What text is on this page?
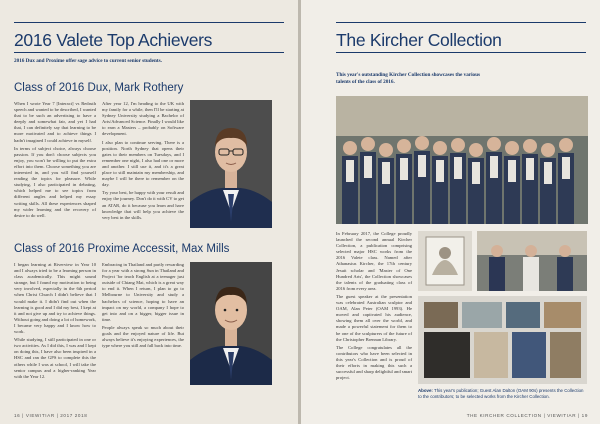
2016 Valete Top Achievers
2016 Dux and Proxime offer sage advice to current senior students.
Class of 2016 Dux, Mark Rothery

When I wrote Year 7 [Interact] vs Redruth speech and wanted to be described, I wanted that to be such an advertising to have a deeply and somewhat fair, and yet I had that, I can definitely say that learning to be more motivated and to achieve things I hadn't imagined I could achieve in myself.

In terms of subject choice, always choose passion. If you don't choose subjects you enjoy, you won't be willing to put the extra effort into them. Choose something you are interested in, and you will find yourself reading the topics for pleasure. While studying, I also participated in debating, which helped me to see topics from different angles and helped my essay writing skills. All these experiences shaped my wider learning and the recovery of desire to do well.

After year 12, I'm heading to the UK with my family for a while, then I'll be starting at Sydney University studying a Bachelor of Arts/Advanced Science. Finally I would like to earn a Masters – probably on Software development.

I also plan to continue serving. There is a position. North Sydney that opens their gates to their members on Tuesdays, and I remember one night, I also had one or more and another. I still use it, and it's a great place to still maintain my membership, and maybe I will be there to remember on the day.

Try your best, be happy with your result and enjoy the journey. Don't do it with CV to get an ATAR, do it because you learn and have knowledge that will help you achieve the very best in the skills.

Class of 2016 Proxime Accessit, Max Mills

I began learning at Riverview in Year 10 and I always tried to be a learning person in class academically. This might sound strange, but I found my motivation to being very involved, especially in the 6th period when Christ Church I didn't believe that I would make it. I didn't find out when the learning is good and I did my best, I kept at it and not give up and try to achieve things. Without going and doing a lot of homework, I became very happy and I know how to work.

While studying, I still participated in one or two activities. As I did this, I was and I kept on doing this, I have also been inspired in a HSC and ran the GPS to complete this the others while I was at school, I will take the senior campus and a higher-ranking Year with the Year 12.

Embracing in Thailand and partly rewarding for a year with a strong Sun in Thailand and Project 'for teach English at a teenager just outside of Chiang Mai, which is a great way to end it. When I return, I plan to go to Melbourne to University and study a bachelors of science, hoping to have an impact on my world, a company I hope to get into and on a bigger, bigger issue in time.

People always speak so much about their goals and the enjoyed nature of life. But always believe it's enjoying experiences, the type where you still and fall back into time.

16 | VIEWITIAR | 2017 2018
The Kircher Collection
This year's outstanding Kircher Collection showcases the various talents of the class of 2016.

In February 2017, the College proudly launched the second annual Kircher Collection, a publication comprising selected major HSC works from the 2016 Valete class. Named after Athanasius Kircher, the 17th century Jesuit scholar and 'Master of One Hundred Arts', the Collection showcases the talents of the graduating class of 2016 from every area.

The guest speaker at the presentation was celebrated Australian sculptor and OAM, Alan Peter (OAM 1993). He moved and captivated his audience, showing them all over the world, and made a powerful statement for them to be one of the sculpturers of the future of the Christopher Brennan Library.

The College congratulates all the contributors who have been selected in this year's Collection and is proud of their efforts in making this such a successful and sharp delightful and smart project.

Above: This year's publication; Guest Alan Dalton (OAM 90s) presents the Collection to the contributors; to be selected works from the Kircher Collection.
THE KIRCHER COLLECTION | VIEWITIAR | 19
